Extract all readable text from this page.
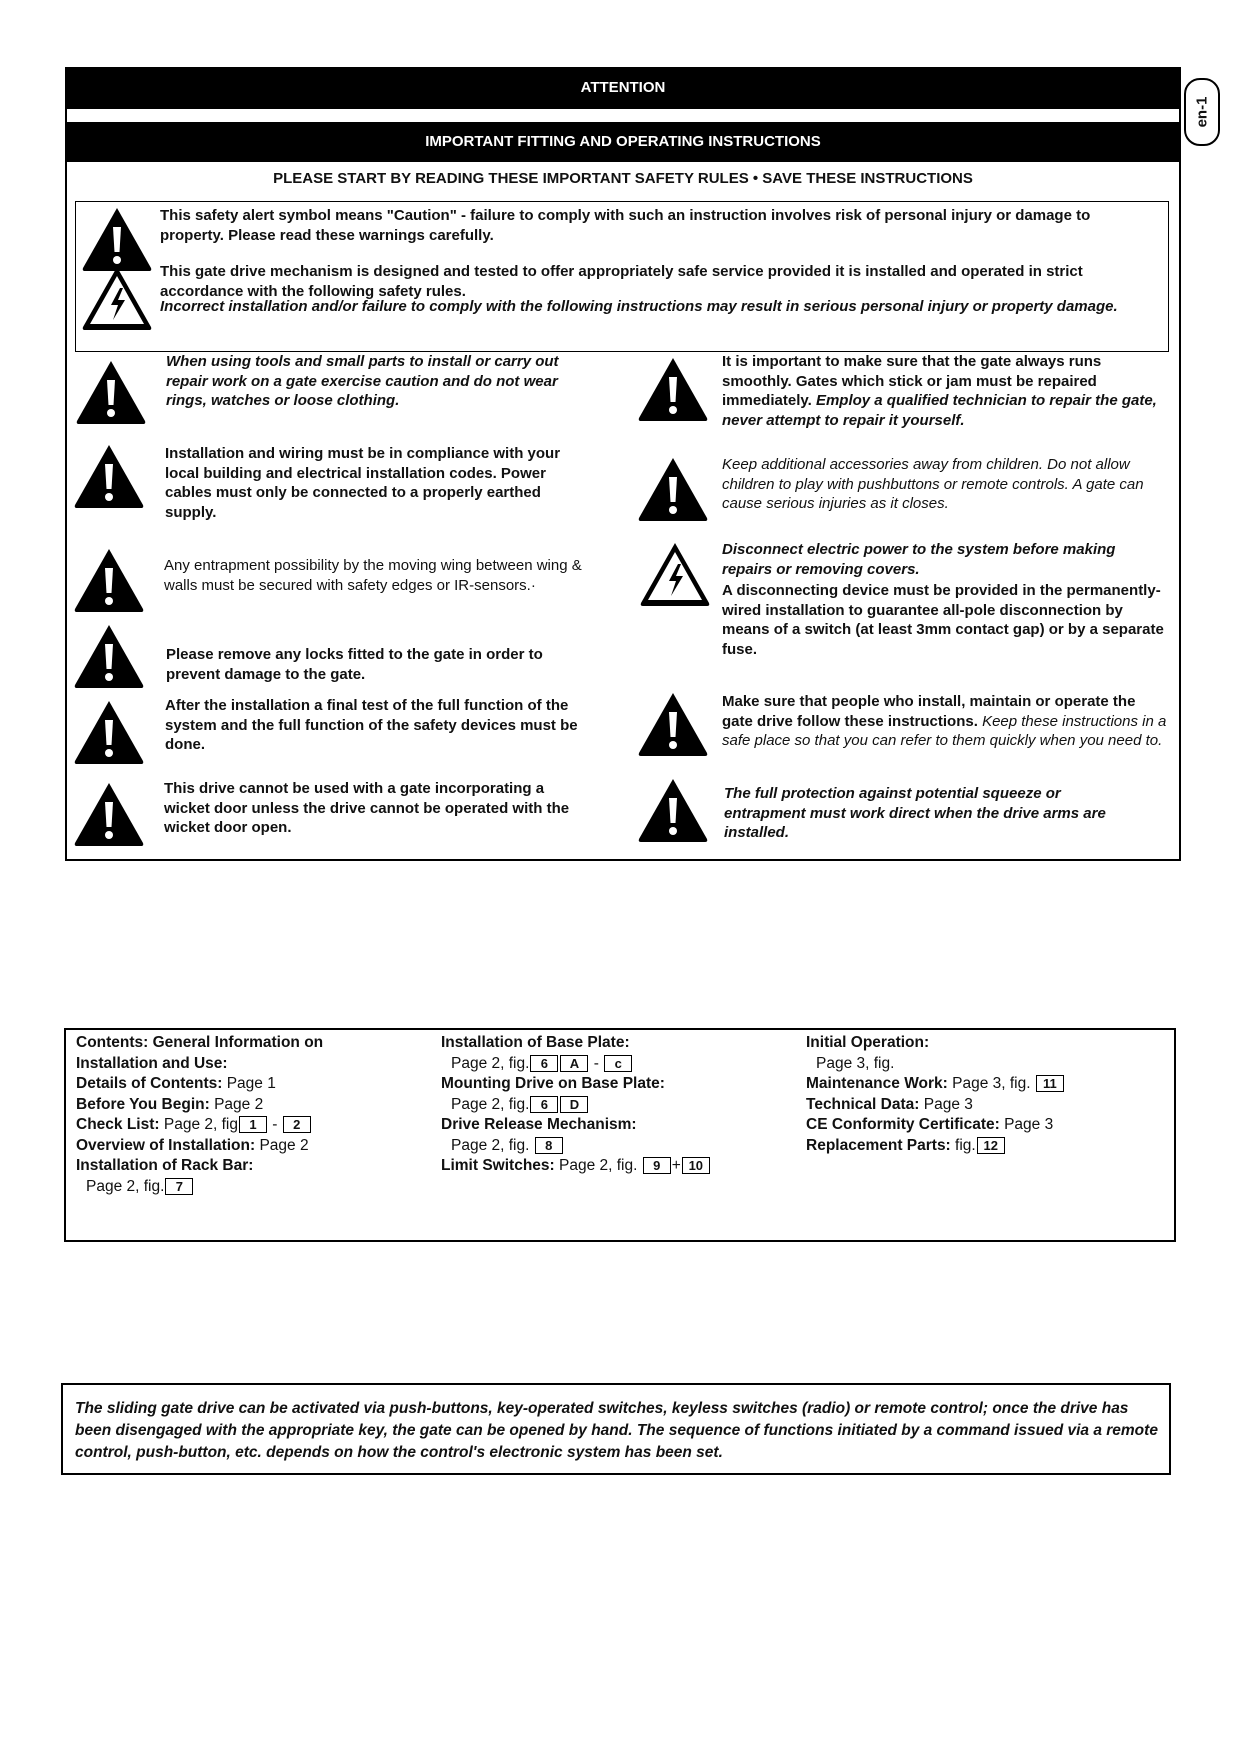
en-1
ATTENTION
IMPORTANT FITTING AND OPERATING INSTRUCTIONS
PLEASE START BY READING THESE IMPORTANT SAFETY RULES • SAVE THESE INSTRUCTIONS
This safety alert symbol means "Caution" - failure to comply with such an instruction involves risk of personal injury or damage to property. Please read these warnings carefully.
This gate drive mechanism is designed and tested to offer appropriately safe service provided it is installed and operated in strict accordance with the following safety rules.
Incorrect installation and/or failure to comply with the following instructions may result in serious personal injury or property damage.
When using tools and small parts to install or carry out repair work on a gate exercise caution and do not wear rings, watches or loose clothing.
Installation and wiring must be in compliance with your local building and electrical installation codes. Power cables must only be connected to a properly earthed supply.
Any entrapment possibility by the moving wing between wing & walls must be secured with safety edges or IR-sensors.·
Please remove any locks fitted to the gate in order to prevent damage to the gate.
After the installation a final test of the full function of the system and the full function of the safety devices must be done.
This drive cannot be used with a gate incorporating a wicket door unless the drive cannot be operated with the wicket door open.
It is important to make sure that the gate always runs smoothly. Gates which stick or jam must be repaired immediately. Employ a qualified technician to repair the gate, never attempt to repair it yourself.
Keep additional accessories away from children. Do not allow children to play with pushbuttons or remote controls. A gate can cause serious injuries as it closes.
Disconnect electric power to the system before making repairs or removing covers.
A disconnecting device must be provided in the permanently-wired installation to guarantee all-pole disconnection by means of a switch (at least 3mm contact gap) or by a separate fuse.
Make sure that people who install, maintain or operate the gate drive follow these instructions. Keep these instructions in a safe place so that you can refer to them quickly when you need to.
The full protection against potential squeeze or entrapment must work direct when the drive arms are installed.
Contents: General Information on
Installation and Use:
Details of Contents: Page 1
Before You Begin: Page 2
Check List: Page 2, fig 1 - 2
Overview of Installation: Page 2
Installation of Rack Bar:
Page 2, fig. 7
Installation of Base Plate:
Page 2, fig. 6 A - c
Mounting Drive on Base Plate:
Page 2, fig. 6 D
Drive Release Mechanism:
Page 2, fig. 8
Limit Switches: Page 2, fig. 9 + 10
Initial Operation:
Page 3, fig.
Maintenance Work: Page 3, fig. 11
Technical Data: Page 3
CE Conformity Certificate: Page 3
Replacement Parts: fig. 12
The sliding gate drive can be activated via push-buttons, key-operated switches, keyless switches (radio) or remote control; once the drive has been disengaged with the appropriate key, the gate can be opened by hand. The sequence of functions initiated by a command issued via a remote control, push-button, etc. depends on how the control's electronic system has been set.
